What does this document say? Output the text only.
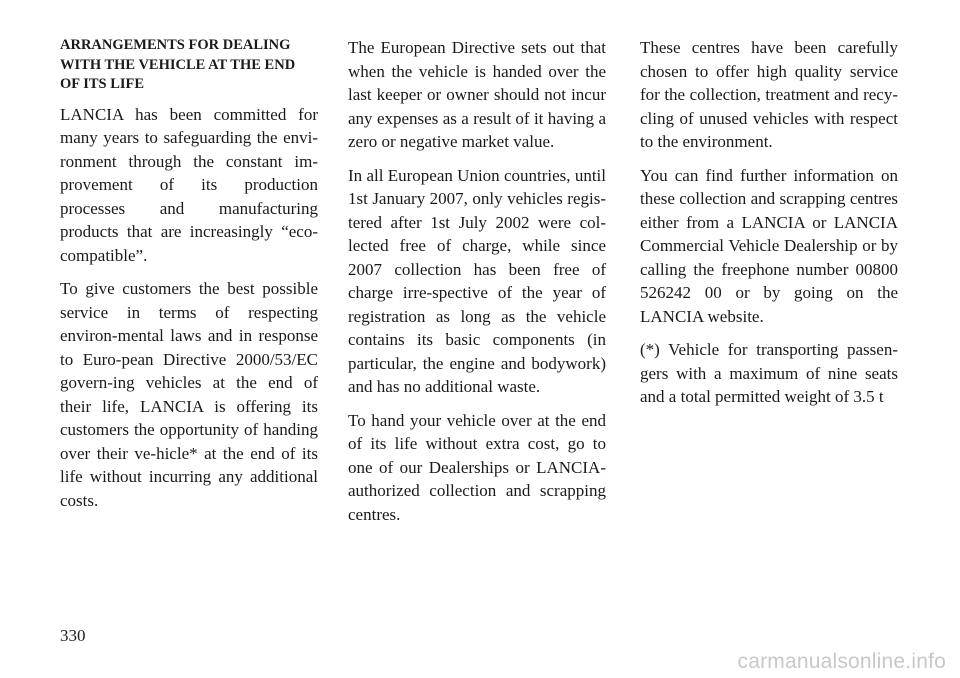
ARRANGEMENTS FOR DEALING WITH THE VEHICLE AT THE END OF ITS LIFE

LANCIA has been committed for many years to safeguarding the envi-ronment through the constant im-provement of its production processes and manufacturing products that are increasingly “eco-compatible”.

To give customers the best possible service in terms of respecting environ-mental laws and in response to Euro-pean Directive 2000/53/EC govern-ing vehicles at the end of their life, LANCIA is offering its customers the opportunity of handing over their ve-hicle* at the end of its life without incurring any additional costs.

The European Directive sets out that when the vehicle is handed over the last keeper or owner should not incur any expenses as a result of it having a zero or negative market value.

In all European Union countries, until 1st January 2007, only vehicles regis-tered after 1st July 2002 were col-lected free of charge, while since 2007 collection has been free of charge irre-spective of the year of registration as long as the vehicle contains its basic components (in particular, the engine and bodywork) and has no additional waste.

To hand your vehicle over at the end of its life without extra cost, go to one of our Dealerships or LANCIA-authorized collection and scrapping centres.

These centres have been carefully chosen to offer high quality service for the collection, treatment and recy-cling of unused vehicles with respect to the environment.

You can find further information on these collection and scrapping centres either from a LANCIA or LANCIA Commercial Vehicle Dealership or by calling the freephone number 00800 526242 00 or by going on the LANCIA website.

(*) Vehicle for transporting passen-gers with a maximum of nine seats and a total permitted weight of 3.5 t

330
carmanualsonline.info
